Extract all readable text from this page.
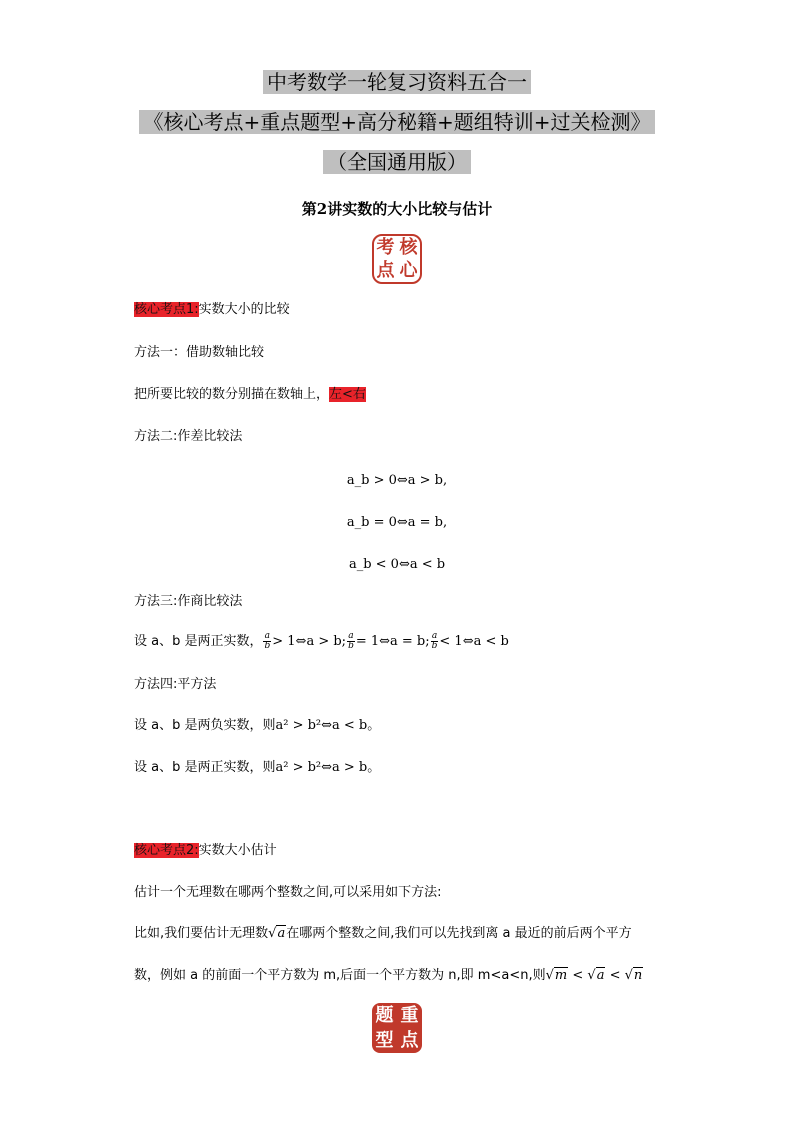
中考数学一轮复习资料五合一
《核心考点+重点题型+高分秘籍+题组特训+过关检测》
（全国通用版）
第2讲实数的大小比较与估计
考 核
点 心
核心考点1:实数大小的比较
方法一：借助数轴比较
把所要比较的数分别描在数轴上，左<右
方法二:作差比较法
a_b > 0⇔a > b,
a_b = 0⇔a = b,
a_b < 0⇔a < b
方法三:作商比较法
设 a、b 是两正实数， $\frac{a}{b}$ > 1⇔a > b; $\frac{a}{b}$ = 1⇔a = b; $\frac{a}{b}$ < 1⇔a < b
方法四:平方法
设 a、b 是两负实数，则a² > b²⇔a < b。
设 a、b 是两正实数，则a² > b²⇔a > b。
核心考点2:实数大小估计
估计一个无理数在哪两个整数之间,可以采用如下方法:
比如,我们要估计无理数√a在哪两个整数之间,我们可以先找到离 a 最近的前后两个平方
数，例如 a 的前面一个平方数为 m,后面一个平方数为 n,即 m<a<n,则√m < √a < √n
题 重
型 点
